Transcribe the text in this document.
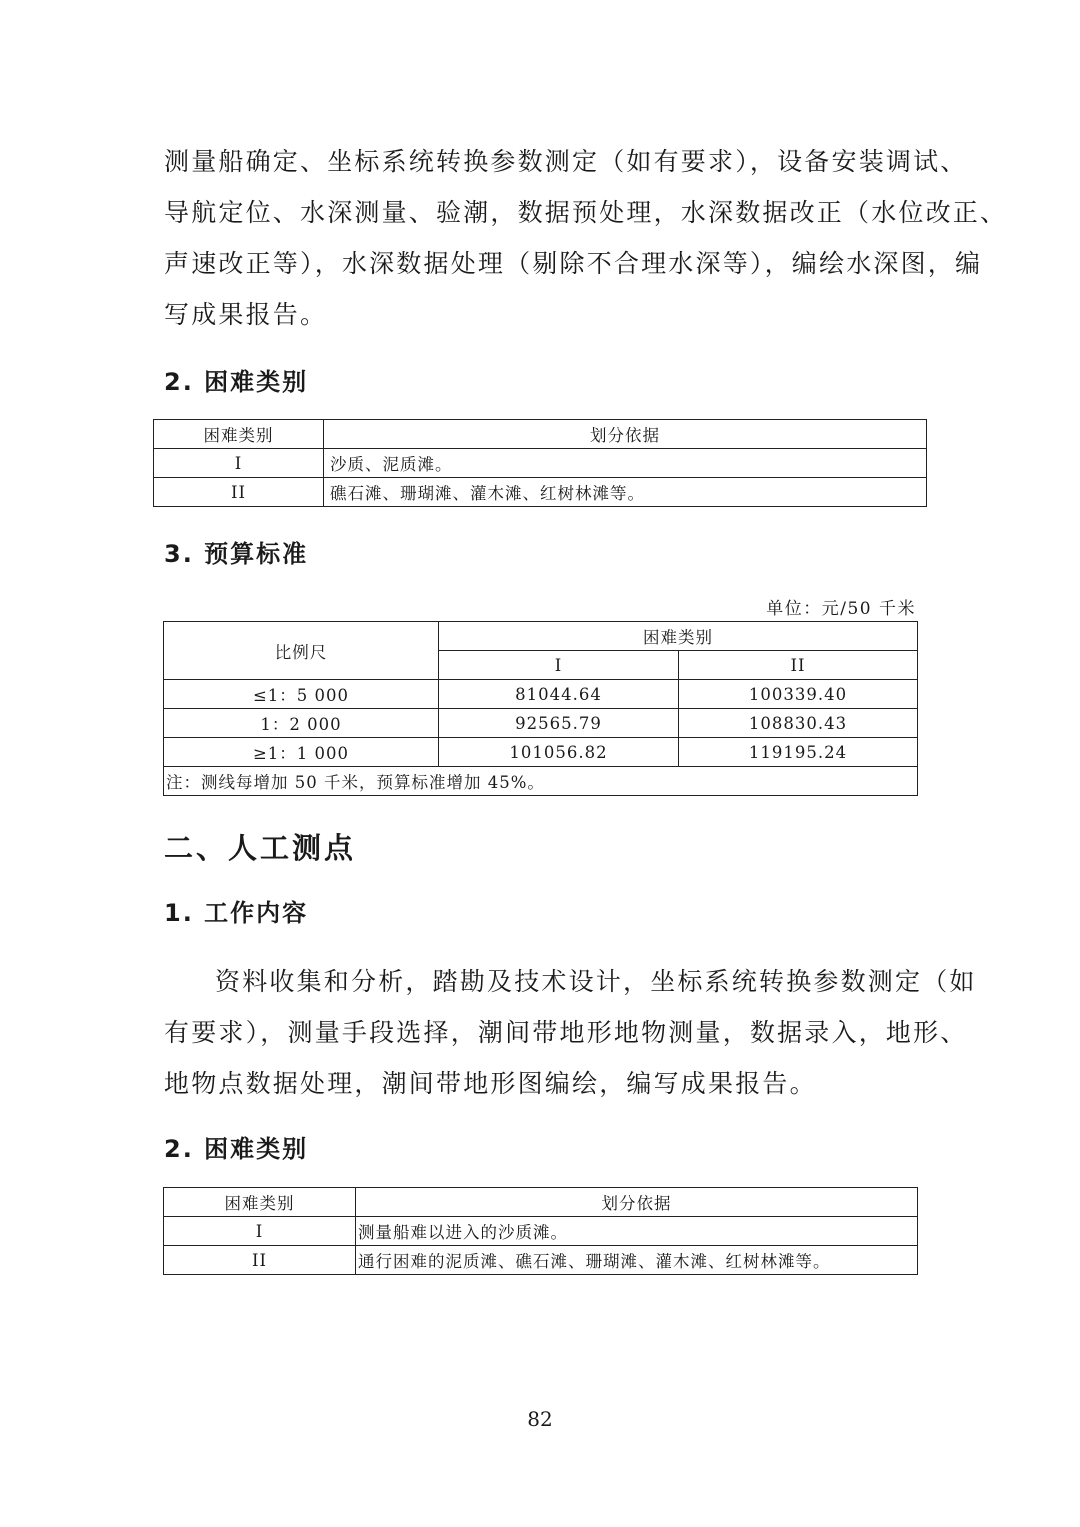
测量船确定、坐标系统转换参数测定（如有要求），设备安装调试、
导航定位、水深测量、验潮，数据预处理，水深数据改正（水位改正、
声速改正等），水深数据处理（剔除不合理水深等），编绘水深图，编
写成果报告。

2. 困难类别
困难类别	划分依据
I	沙质、泥质滩。
II	礁石滩、珊瑚滩、灌木滩、红树林滩等。
3. 预算标准
单位：元/50 千米
比例尺	困难类别	
	I	II
≤1：5 000	81044.64	100339.40
1：2 000	92565.79	108830.43
≥1：1 000	101056.82	119195.24
注：测线每增加 50 千米，预算标准增加 45%。		
二、人工测点
1. 工作内容

资料收集和分析，踏勘及技术设计，坐标系统转换参数测定（如
有要求），测量手段选择，潮间带地形地物测量，数据录入，地形、
地物点数据处理，潮间带地形图编绘，编写成果报告。

2. 困难类别
困难类别	划分依据
I	测量船难以进入的沙质滩。
II	通行困难的泥质滩、礁石滩、珊瑚滩、灌木滩、红树林滩等。
82
